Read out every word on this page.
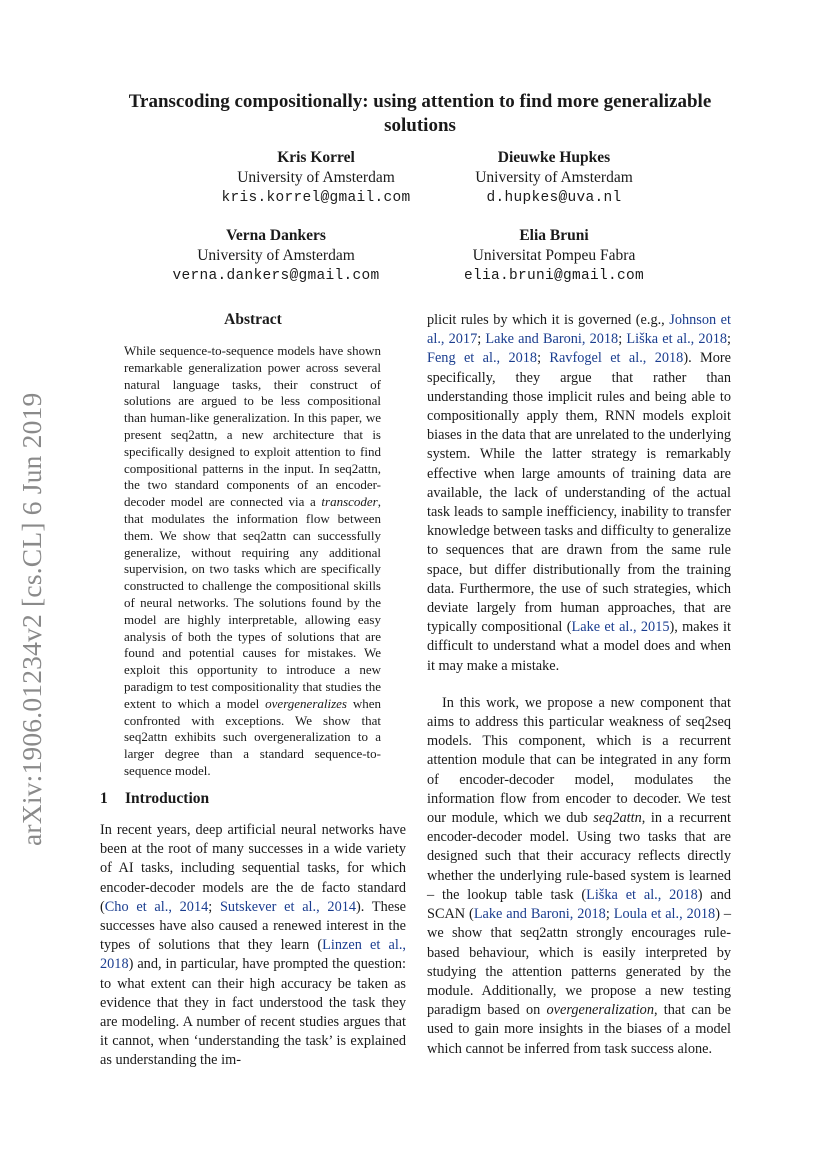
arXiv:1906.01234v2 [cs.CL] 6 Jun 2019
Transcoding compositionally: using attention to find more generalizable solutions
Kris Korrel
University of Amsterdam
kris.korrel@gmail.com
Dieuwke Hupkes
University of Amsterdam
d.hupkes@uva.nl
Verna Dankers
University of Amsterdam
verna.dankers@gmail.com
Elia Bruni
Universitat Pompeu Fabra
elia.bruni@gmail.com
Abstract
While sequence-to-sequence models have shown remarkable generalization power across several natural language tasks, their construct of solutions are argued to be less compositional than human-like generalization. In this paper, we present seq2attn, a new architecture that is specifically designed to exploit attention to find compositional patterns in the input. In seq2attn, the two standard components of an encoder-decoder model are connected via a transcoder, that modulates the information flow between them. We show that seq2attn can successfully generalize, without requiring any additional supervision, on two tasks which are specifically constructed to challenge the compositional skills of neural networks. The solutions found by the model are highly interpretable, allowing easy analysis of both the types of solutions that are found and potential causes for mistakes. We exploit this opportunity to introduce a new paradigm to test compositionality that studies the extent to which a model overgeneralizes when confronted with exceptions. We show that seq2attn exhibits such overgeneralization to a larger degree than a standard sequence-to-sequence model.
1 Introduction

In recent years, deep artificial neural networks have been at the root of many successes in a wide variety of AI tasks, including sequential tasks, for which encoder-decoder models are the de facto standard (Cho et al., 2014; Sutskever et al., 2014). These successes have also caused a renewed interest in the types of solutions that they learn (Linzen et al., 2018) and, in particular, have prompted the question: to what extent can their high accuracy be taken as evidence that they in fact understood the task they are modeling. A number of recent studies argues that it cannot, when ‘understanding the task’ is explained as understanding the im-

plicit rules by which it is governed (e.g., Johnson et al., 2017; Lake and Baroni, 2018; Liška et al., 2018; Feng et al., 2018; Ravfogel et al., 2018). More specifically, they argue that rather than understanding those implicit rules and being able to compositionally apply them, RNN models exploit biases in the data that are unrelated to the underlying system. While the latter strategy is remarkably effective when large amounts of training data are available, the lack of understanding of the actual task leads to sample inefficiency, inability to transfer knowledge between tasks and difficulty to generalize to sequences that are drawn from the same rule space, but differ distributionally from the training data. Furthermore, the use of such strategies, which deviate largely from human approaches, that are typically compositional (Lake et al., 2015), makes it difficult to understand what a model does and when it may make a mistake.

In this work, we propose a new component that aims to address this particular weakness of seq2seq models. This component, which is a recurrent attention module that can be integrated in any form of encoder-decoder model, modulates the information flow from encoder to decoder. We test our module, which we dub seq2attn, in a recurrent encoder-decoder model. Using two tasks that are designed such that their accuracy reflects directly whether the underlying rule-based system is learned – the lookup table task (Liška et al., 2018) and SCAN (Lake and Baroni, 2018; Loula et al., 2018) – we show that seq2attn strongly encourages rule-based behaviour, which is easily interpreted by studying the attention patterns generated by the module. Additionally, we propose a new testing paradigm based on overgeneralization, that can be used to gain more insights in the biases of a model which cannot be inferred from task success alone.
